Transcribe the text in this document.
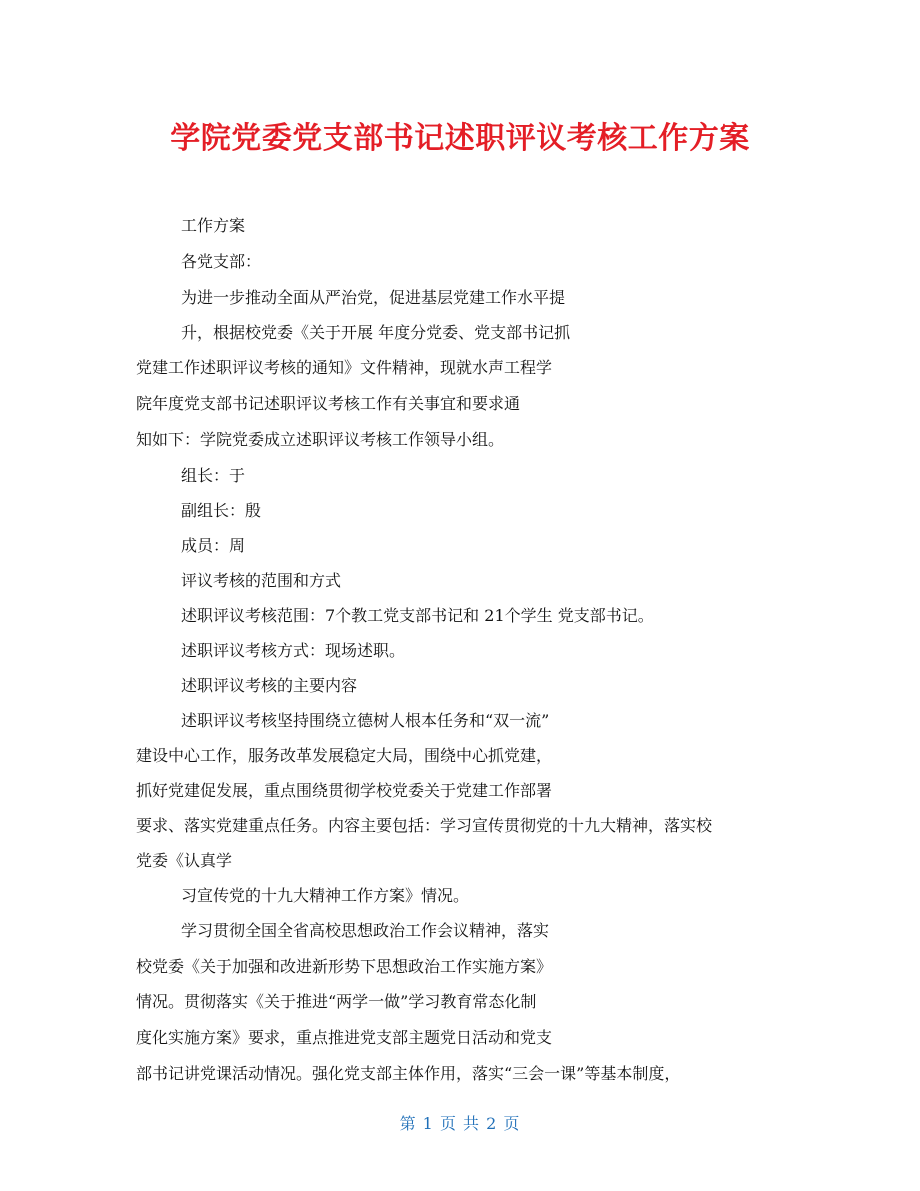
学院党委党支部书记述职评议考核工作方案
工作方案
各党支部：
为进一步推动全面从严治党，促进基层党建工作水平提
升，根据校党委《关于开展 年度分党委、党支部书记抓
党建工作述职评议考核的通知》文件精神，现就水声工程学
院年度党支部书记述职评议考核工作有关事宜和要求通
知如下：学院党委成立述职评议考核工作领导小组。
组长：于
副组长：殷
成员：周
评议考核的范围和方式
述职评议考核范围：7个教工党支部书记和 21个学生 党支部书记。
述职评议考核方式：现场述职。
述职评议考核的主要内容
述职评议考核坚持围绕立德树人根本任务和“双一流”
建设中心工作，服务改革发展稳定大局，围绕中心抓党建，
抓好党建促发展，重点围绕贯彻学校党委关于党建工作部署
要求、落实党建重点任务。内容主要包括：学习宣传贯彻党的十九大精神，落实校
党委《认真学
习宣传党的十九大精神工作方案》情况。
学习贯彻全国全省高校思想政治工作会议精神，落实
校党委《关于加强和改进新形势下思想政治工作实施方案》
情况。贯彻落实《关于推进“两学一做”学习教育常态化制
度化实施方案》要求，重点推进党支部主题党日活动和党支
部书记讲党课活动情况。强化党支部主体作用，落实“三会一课”等基本制度，
第 1 页 共 2 页
